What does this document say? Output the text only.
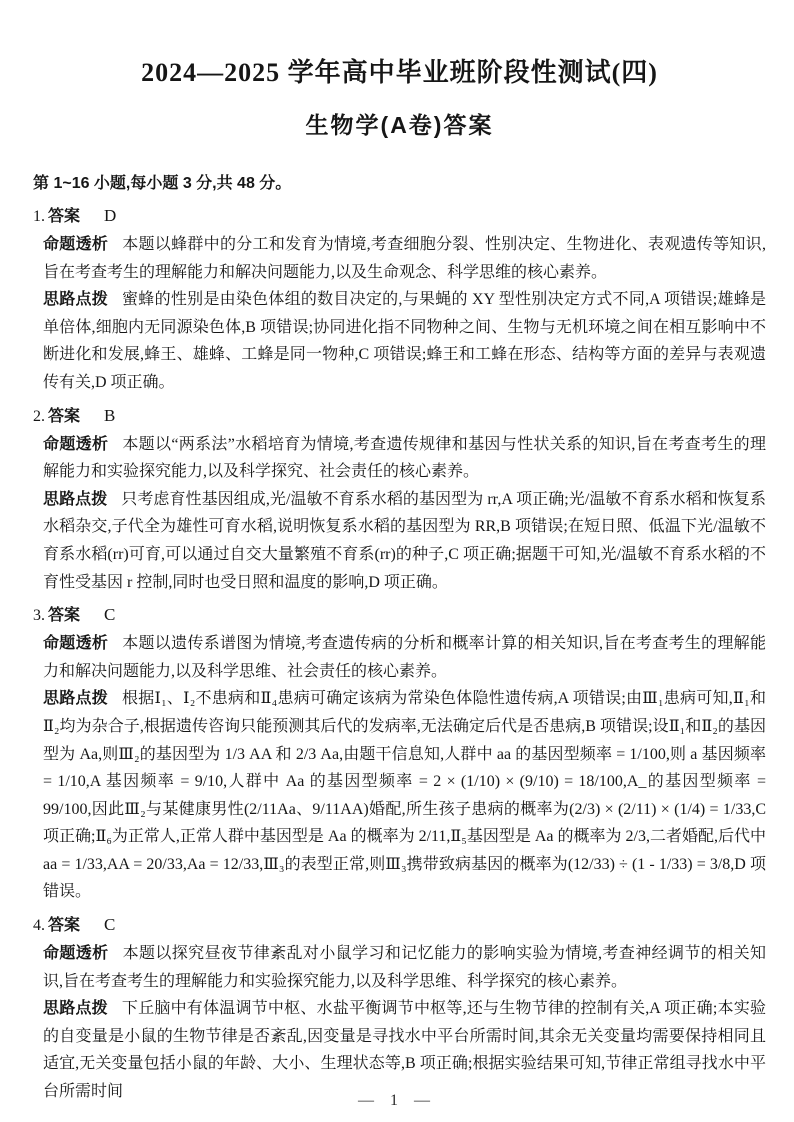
2024—2025 学年高中毕业班阶段性测试(四)
生物学(A卷)答案

第 1~16 小题,每小题 3 分,共 48 分。

1. 答案 D

命题透析 本题以蜂群中的分工和发育为情境,考查细胞分裂、性别决定、生物进化、表观遗传等知识,旨在考查考生的理解能力和解决问题能力,以及生命观念、科学思维的核心素养。

思路点拨 蜜蜂的性别是由染色体组的数目决定的,与果蝇的 XY 型性别决定方式不同,A 项错误;雄蜂是单倍体,细胞内无同源染色体,B 项错误;协同进化指不同物种之间、生物与无机环境之间在相互影响中不断进化和发展,蜂王、雄蜂、工蜂是同一物种,C 项错误;蜂王和工蜂在形态、结构等方面的差异与表观遗传有关,D 项正确。

2. 答案 B

命题透析 本题以“两系法”水稻培育为情境,考查遗传规律和基因与性状关系的知识,旨在考查考生的理解能力和实验探究能力,以及科学探究、社会责任的核心素养。

思路点拨 只考虑育性基因组成,光/温敏不育系水稻的基因型为 rr,A 项正确;光/温敏不育系水稻和恢复系水稻杂交,子代全为雄性可育水稻,说明恢复系水稻的基因型为 RR,B 项错误;在短日照、低温下光/温敏不育系水稻(rr)可育,可以通过自交大量繁殖不育系(rr)的种子,C 项正确;据题干可知,光/温敏不育系水稻的不育性受基因 r 控制,同时也受日照和温度的影响,D 项正确。

3. 答案 C

命题透析 本题以遗传系谱图为情境,考查遗传病的分析和概率计算的相关知识,旨在考查考生的理解能力和解决问题能力,以及科学思维、社会责任的核心素养。

思路点拨 根据Ⅰ₁、Ⅰ₂不患病和Ⅱ₄患病可确定该病为常染色体隐性遗传病,A 项错误;由Ⅲ₁患病可知,Ⅱ₁和Ⅱ₂均为杂合子,根据遗传咨询只能预测其后代的发病率,无法确定后代是否患病,B 项错误;设Ⅱ₁和Ⅱ₂的基因型为 Aa,则Ⅲ₂的基因型为 1/3 AA 和 2/3 Aa,由题干信息知,人群中 aa 的基因型频率 = 1/100,则 a 基因频率 = 1/10,A 基因频率 = 9/10,人群中 Aa 的基因型频率 = 2 × (1/10) × (9/10) = 18/100,A_的基因型频率 = 99/100,因此Ⅲ₂与某健康男性(2/11Aa、9/11AA)婚配,所生孩子患病的概率为(2/3) × (2/11) × (1/4) = 1/33,C 项正确;Ⅱ₆为正常人,正常人群中基因型是 Aa 的概率为 2/11,Ⅱ₅基因型是 Aa 的概率为 2/3,二者婚配,后代中 aa = 1/33,AA = 20/33,Aa = 12/33,Ⅲ₃的表型正常,则Ⅲ₃携带致病基因的概率为(12/33) ÷ (1 - 1/33) = 3/8,D 项错误。

4. 答案 C

命题透析 本题以探究昼夜节律紊乱对小鼠学习和记忆能力的影响实验为情境,考查神经调节的相关知识,旨在考查考生的理解能力和实验探究能力,以及科学思维、科学探究的核心素养。

思路点拨 下丘脑中有体温调节中枢、水盐平衡调节中枢等,还与生物节律的控制有关,A 项正确;本实验的自变量是小鼠的生物节律是否紊乱,因变量是寻找水中平台所需时间,其余无关变量均需要保持相同且适宜,无关变量包括小鼠的年龄、大小、生理状态等,B 项正确;根据实验结果可知,节律正常组寻找水中平台所需时间

— 1 —
